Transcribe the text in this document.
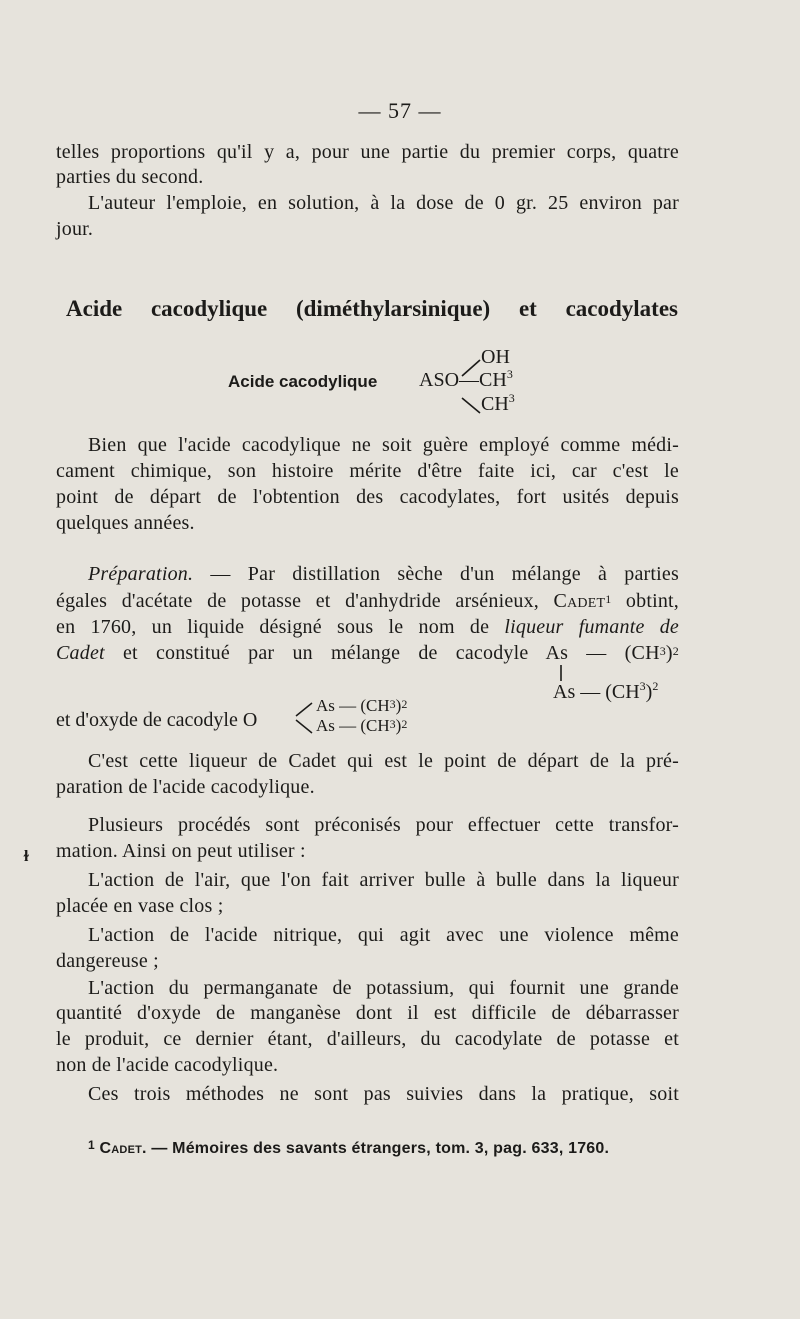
— 57 —
telles proportions qu'il y a, pour une partie du premier corps, quatre
parties du second.
L'auteur l'emploie, en solution, à la dose de 0 gr. 25 environ par
jour.
Acide cacodylique (diméthylarsinique) et cacodylates
Acide cacodylique $ASO—CH^3$
OH
$CH^3$
Bien que l'acide cacodylique ne soit guère employé comme médi-
cament chimique, son histoire mérite d'être faite ici, car c'est le
point de départ de l'obtention des cacodylates, fort usités depuis
quelques années.
Préparation. — Par distillation sèche d'un mélange à parties
égales d'acétate de potasse et d'anhydride arsénieux, Cadet$^1$ obtint,
en 1760, un liquide désigné sous le nom de liqueur fumante de
Cadet et constitué par un mélange de cacodyle As — $(CH^3)^2$
As — $(CH^3)^2$
et d'oxyde de cacodyle O
As — $(CH^3)^2$
As — $(CH^3)^2$
C'est cette liqueur de Cadet qui est le point de départ de la pré-
paration de l'acide cacodylique.
Plusieurs procédés sont préconisés pour effectuer cette transfor-
mation. Ainsi on peut utiliser :
L'action de l'air, que l'on fait arriver bulle à bulle dans la liqueur
placée en vase clos ;
L'action de l'acide nitrique, qui agit avec une violence même
dangereuse ;
L'action du permanganate de potassium, qui fournit une grande
quantité d'oxyde de manganèse dont il est difficile de débarrasser
le produit, ce dernier étant, d'ailleurs, du cacodylate de potasse et
non de l'acide cacodylique.
Ces trois méthodes ne sont pas suivies dans la pratique, soit
$^1$ Cadet. — Mémoires des savants étrangers, tom. 3, pag. 633, 1760.
ɫ
